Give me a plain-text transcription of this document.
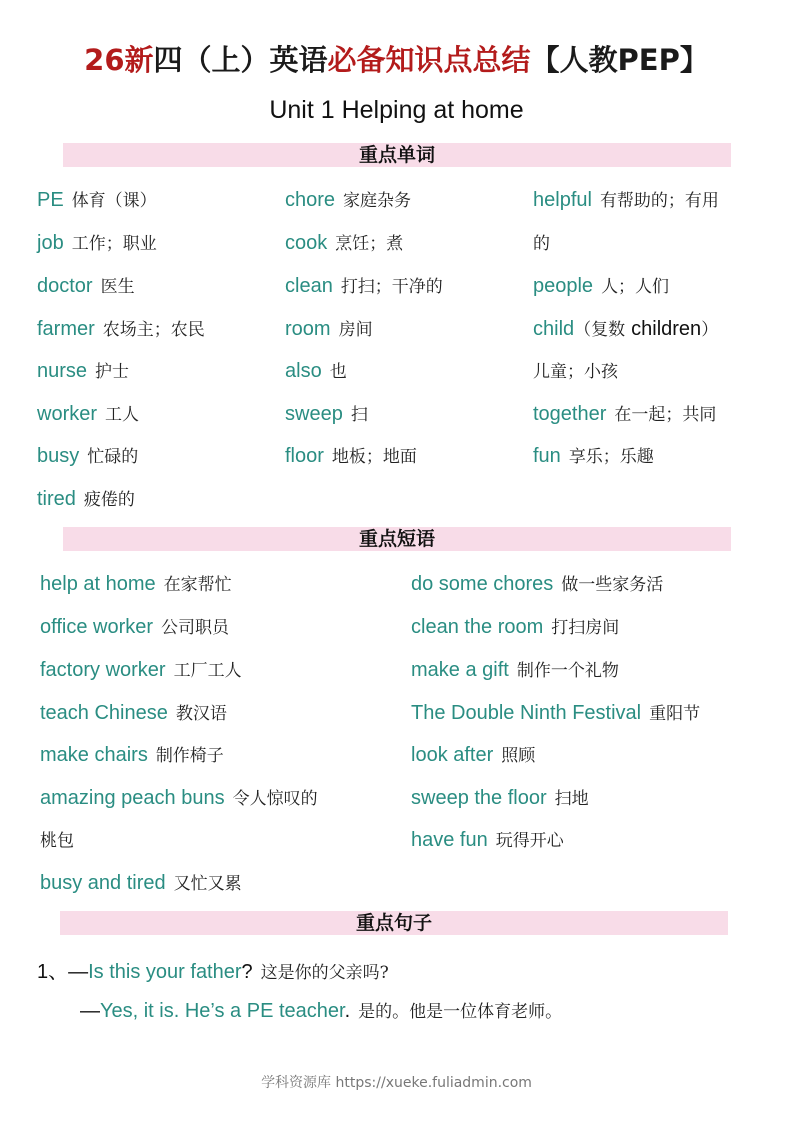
26新四（上）英语必备知识点总结【人教PEP】
Unit 1 Helping at home
重点单词
PE 体育（课）
job 工作；职业
doctor 医生
farmer 农场主；农民
nurse 护士
worker 工人
busy 忙碌的
tired 疲倦的
chore 家庭杂务
cook 烹饪；煮
clean 打扫；干净的
room 房间
also 也
sweep 扫
floor 地板；地面
helpful 有帮助的；有用
的
people 人；人们
child（复数 children）
儿童；小孩
together 在一起；共同
fun 享乐；乐趣
重点短语
help at home 在家帮忙
office worker 公司职员
factory worker 工厂工人
teach Chinese 教汉语
make chairs 制作椅子
amazing peach buns 令人惊叹的
桃包
busy and tired 又忙又累
do some chores 做一些家务活
clean the room 打扫房间
make a gift 制作一个礼物
The Double Ninth Festival 重阳节
look after 照顾
sweep the floor 扫地
have fun 玩得开心
重点句子
1、—Is this your father? 这是你的父亲吗?
—Yes, it is. He’s a PE teacher. 是的。他是一位体育老师。
学科资源库 https://xueke.fuliadmin.com
